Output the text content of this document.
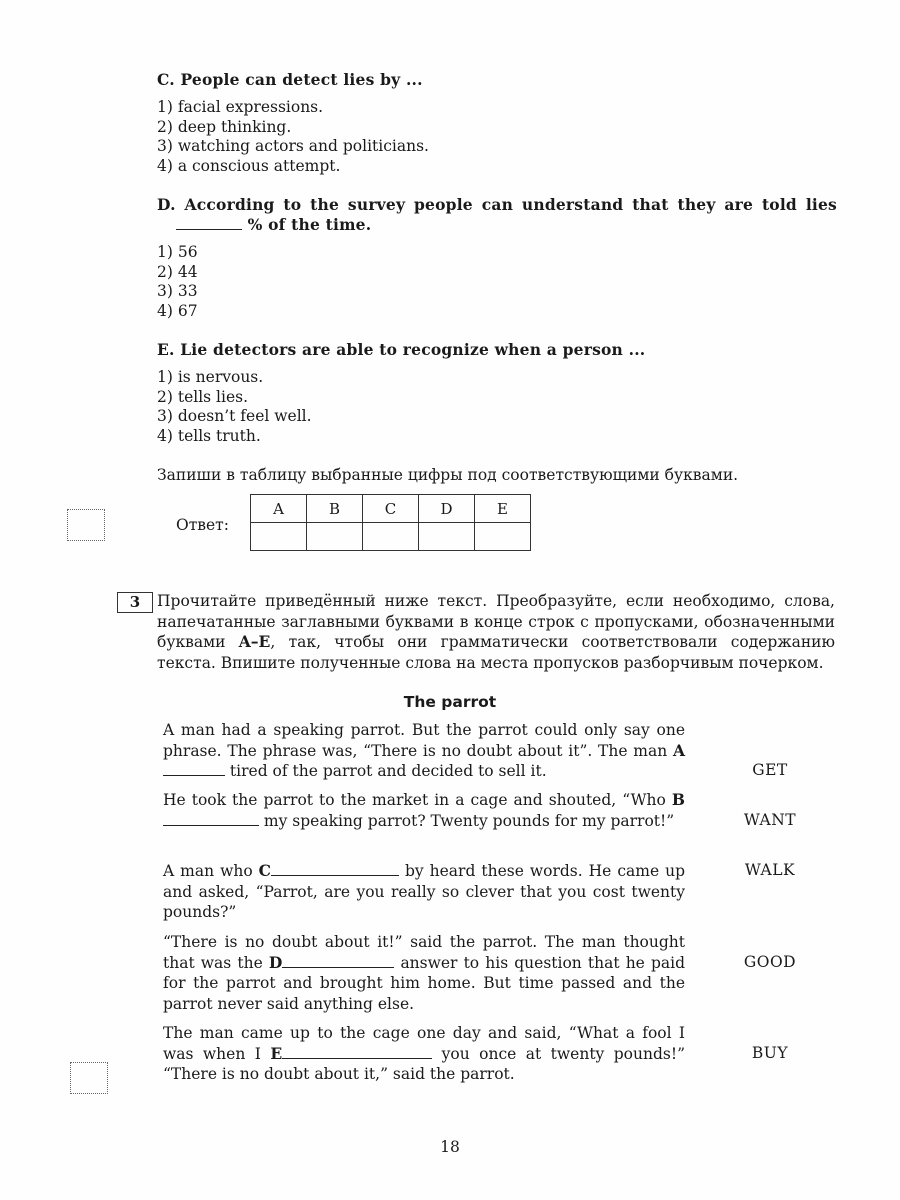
C. People can detect lies by ...
1) facial expressions.
2) deep thinking.
3) watching actors and politicians.
4) a conscious attempt.
D. According to the survey people can understand that they are told lies
% of the time.
1) 56
2) 44
3) 33
4) 67
E. Lie detectors are able to recognize when a person ...
1) is nervous.
2) tells lies.
3) doesn’t feel well.
4) tells truth.
Запиши в таблицу выбранные цифры под соответствующими буквами.
Ответ:
A	B	C	D	E

3	Прочитайте приведённый ниже текст. Преобразуйте, если необходимо, слова, напечатанные заглавными буквами в конце строк с пропусками, обозначенными буквами A–E, так, чтобы они грамматически соответствовали содержанию текста. Впишите полученные слова на места пропусков разборчивым почерком.
The parrot
A man had a speaking parrot. But the parrot could only say one phrase. The phrase was, “There is no doubt about it”. The man A tired of the parrot and decided to sell it.	GET
He took the parrot to the market in a cage and shouted, “Who B my speaking parrot? Twenty pounds for my parrot!”	WANT
A man who C	by heard these words. He came up and asked, “Parrot, are you really so clever that you cost twenty pounds?”
WALK
“There is no doubt about it!” said the parrot. The man thought that was the D	answer to his question that he paid for the parrot and brought him home. But time passed and the parrot never said anything else.
GOOD
The man came up to the cage one day and said, “What a fool I was when I E	you once at twenty pounds!” “There is no doubt about it,” said the parrot.
BUY
18
